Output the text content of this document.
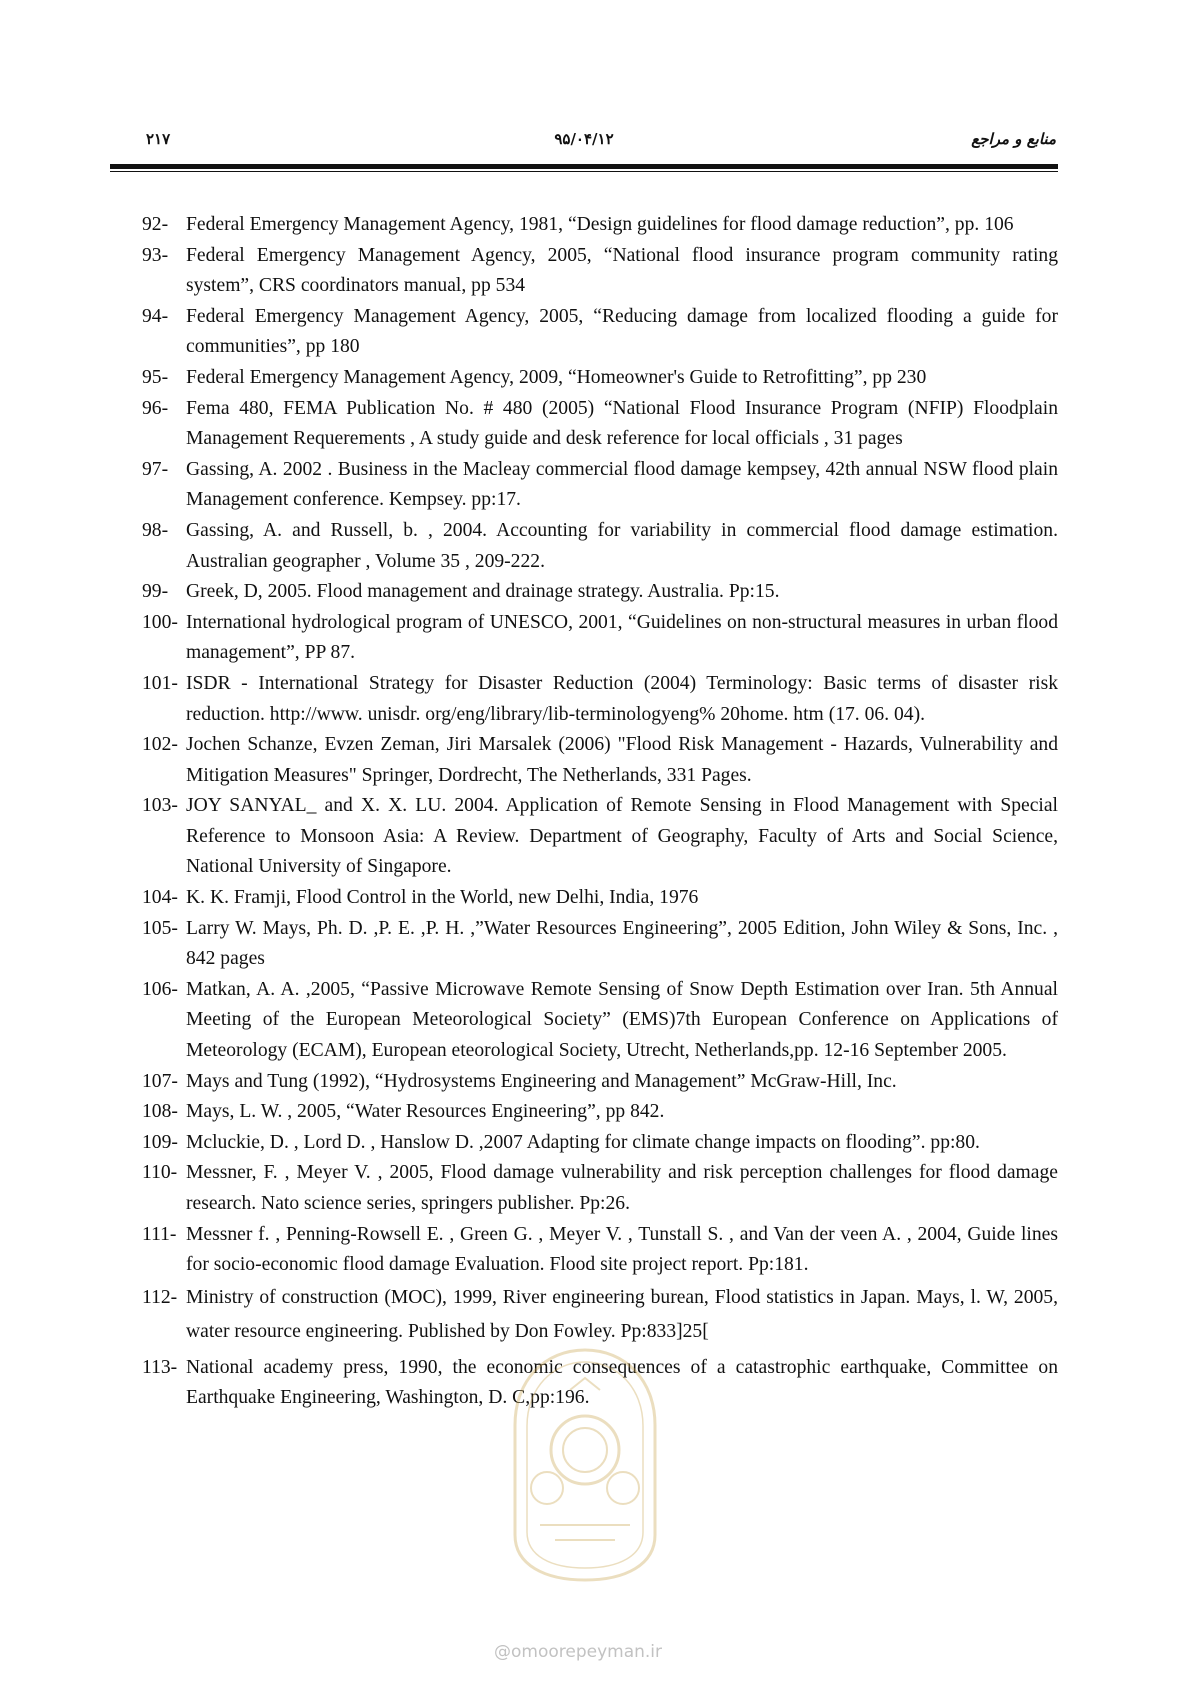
۲۱۷	۹۵/۰۴/۱۲	منابع و مراجع
92- Federal Emergency Management Agency, 1981, “Design guidelines for flood damage reduction”, pp. 106
93- Federal Emergency Management Agency, 2005, “National flood insurance program community rating system”, CRS coordinators manual, pp 534
94- Federal Emergency Management Agency, 2005, “Reducing damage from localized flooding a guide for communities”, pp 180
95- Federal Emergency Management Agency, 2009, “Homeowner's Guide to Retrofitting”, pp 230
96- Fema 480, FEMA Publication No. # 480 (2005) “National Flood Insurance Program (NFIP) Floodplain Management Requerements , A study guide and desk reference for local officials , 31 pages
97- Gassing, A. 2002 . Business in the Macleay commercial flood damage kempsey, 42th annual NSW flood plain Management conference. Kempsey. pp:17.
98- Gassing, A. and Russell, b. , 2004. Accounting for variability in commercial flood damage estimation. Australian geographer , Volume 35 , 209-222.
99- Greek, D, 2005. Flood management and drainage strategy. Australia. Pp:15.
100- International hydrological program of UNESCO, 2001, “Guidelines on non-structural measures in urban flood management”, PP 87.
101- ISDR - International Strategy for Disaster Reduction (2004) Terminology: Basic terms of disaster risk reduction. http://www. unisdr. org/eng/library/lib-terminologyeng% 20home. htm (17. 06. 04).
102- Jochen Schanze, Evzen Zeman, Jiri Marsalek (2006) "Flood Risk Management - Hazards, Vulnerability and Mitigation Measures" Springer, Dordrecht, The Netherlands, 331 Pages.
103- JOY SANYAL_ and X. X. LU. 2004. Application of Remote Sensing in Flood Management with Special Reference to Monsoon Asia: A Review. Department of Geography, Faculty of Arts and Social Science, National University of Singapore.
104- K. K. Framji, Flood Control in the World, new Delhi, India, 1976
105- Larry W. Mays, Ph. D. ,P. E. ,P. H. ,”Water Resources Engineering”, 2005 Edition, John Wiley & Sons, Inc. , 842 pages
106- Matkan, A. A. ,2005, “Passive Microwave Remote Sensing of Snow Depth Estimation over Iran. 5th Annual Meeting of the European Meteorological Society” (EMS)7th European Conference on Applications of Meteorology (ECAM), European eteorological Society, Utrecht, Netherlands,pp. 12-16 September 2005.
107- Mays and Tung (1992), “Hydrosystems Engineering and Management” McGraw-Hill, Inc.
108- Mays, L. W. , 2005, “Water Resources Engineering”, pp 842.
109- Mcluckie, D. , Lord D. , Hanslow D. ,2007 Adapting for climate change impacts on flooding”. pp:80.
110- Messner, F. , Meyer V. , 2005, Flood damage vulnerability and risk perception challenges for flood damage research. Nato science series, springers publisher. Pp:26.
111- Messner f. , Penning-Rowsell E. , Green G. , Meyer V. , Tunstall S. , and Van der veen A. , 2004, Guide lines for socio-economic flood damage Evaluation. Flood site project report. Pp:181.
112- Ministry of construction (MOC), 1999, River engineering burean, Flood statistics in Japan. Mays, l. W, 2005, water resource engineering. Published by Don Fowley. Pp:833]25[
113- National academy press, 1990, the economic consequences of a catastrophic earthquake, Committee on Earthquake Engineering, Washington, D. C,pp:196.
@omoorepeyman.ir
